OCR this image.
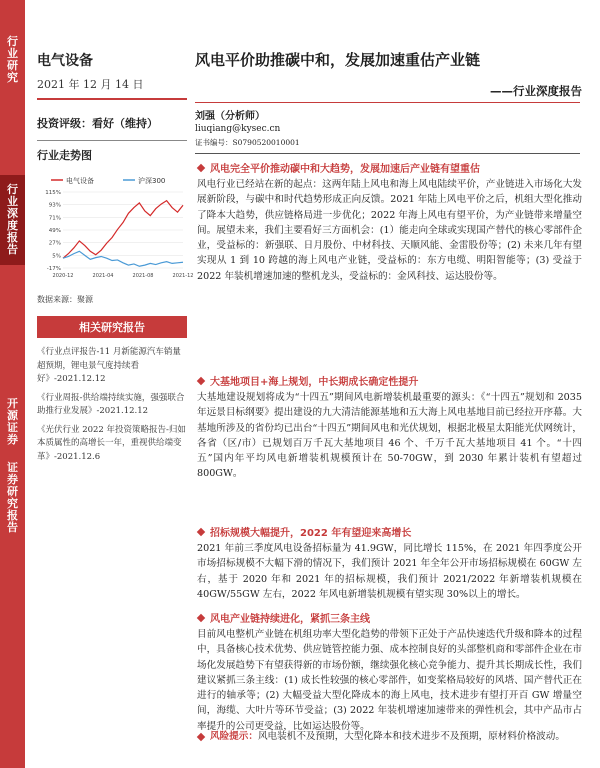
行
业
研
究
行
业
深
度
报
告
开
源
证
券
证
券
研
究
报
告
电气设备
2021 年 12 月 14 日
投资评级：看好（维持）
行业走势图
电气设备	沪深300
115%
93%
71%
49%
27%
5%
-17%
2020-12	2021-04	2021-08	2021-12
数据来源：聚源
相关研究报告

《行业点评报告-11 月新能源汽车销量超预期，锂电景气度持续看好》-2021.12.12

《行业周报-供给端持续实施，强强联合助推行业发展》-2021.12.12

《光伏行业 2022 年投资策略报告-归如本质属性的高增长一年，重视供给端变革》-2021.12.6

风电平价助推碳中和，发展加速重估产业链
——行业深度报告
刘强（分析师）
liuqiang@kysec.cn
证书编号：S0790520010001
风电完全平价推动碳中和大趋势，发展加速后产业链有望重估
风电行业已经站在新的起点：这两年陆上风电和海上风电陆续平价，产业链进入市场化大发展新阶段，与碳中和时代趋势形成正向反馈。2021 年陆上风电平价之后，机组大型化推动了降本大趋势，供应链格局进一步优化；2022 年海上风电有望平价，为产业链带来增量空间。展望未来，我们主要看好三方面机会：(1）能走向全球或实现国产替代的核心零部件企业，受益标的：新强联、日月股份、中材科技、天顺风能、金雷股份等；(2) 未来几年有望实现从 1 到 10 跨越的海上风电产业链，受益标的：东方电缆、明阳智能等；(3) 受益于 2022 年装机增速加速的整机龙头，受益标的：金风科技、运达股份等。
大基地项目+海上规划，中长期成长确定性提升
大基地建设规划将成为“十四五”期间风电新增装机最重要的源头：《“十四五”规划和 2035 年远景目标纲要》提出建设的九大清洁能源基地和五大海上风电基地目前已经拉开序幕。大基地所涉及的省份均已出台“十四五”期间风电和光伏规划，根据北极星太阳能光伏网统计，各省（区/市）已规划百万千瓦大基地项目 46 个、千万千瓦大基地项目 41 个。“十四五”国内年平均风电新增装机规模预计在 50-70GW，到 2030 年累计装机有望超过 800GW。
招标规模大幅提升，2022 年有望迎来高增长
2021 年前三季度风电设备招标量为 41.9GW，同比增长 115%，在 2021 年四季度公开市场招标规模不大幅下滑的情况下，我们预计 2021 年全年公开市场招标规模在 60GW 左右，基于 2020 年和 2021 年的招标规模，我们预计 2021/2022 年新增装机规模在 40GW/55GW 左右，2022 年风电新增装机规模有望实现 30%以上的增长。
风电产业链持续进化，紧抓三条主线
目前风电整机产业链在机组功率大型化趋势的带领下正处于产品快速迭代升级和降本的过程中，具备核心技术优势、供应链管控能力强、成本控制良好的头部整机商和零部件企业在市场化发展趋势下有望获得新的市场份额，继续强化核心竞争能力、提升其长期成长性，我们建议紧抓三条主线：(1) 成长性较强的核心零部件，如变桨格局较好的风塔、国产替代正在进行的轴承等；(2) 大幅受益大型化降成本的海上风电，技术进步有望打开百 GW 增量空间，海缆、大叶片等环节受益；(3) 2022 年装机增速加速带来的弹性机会，其中产品市占率提升的公司更受益，比如运达股份等。
风险提示：风电装机不及预期，大型化降本和技术进步不及预期，原材料价格波动。
